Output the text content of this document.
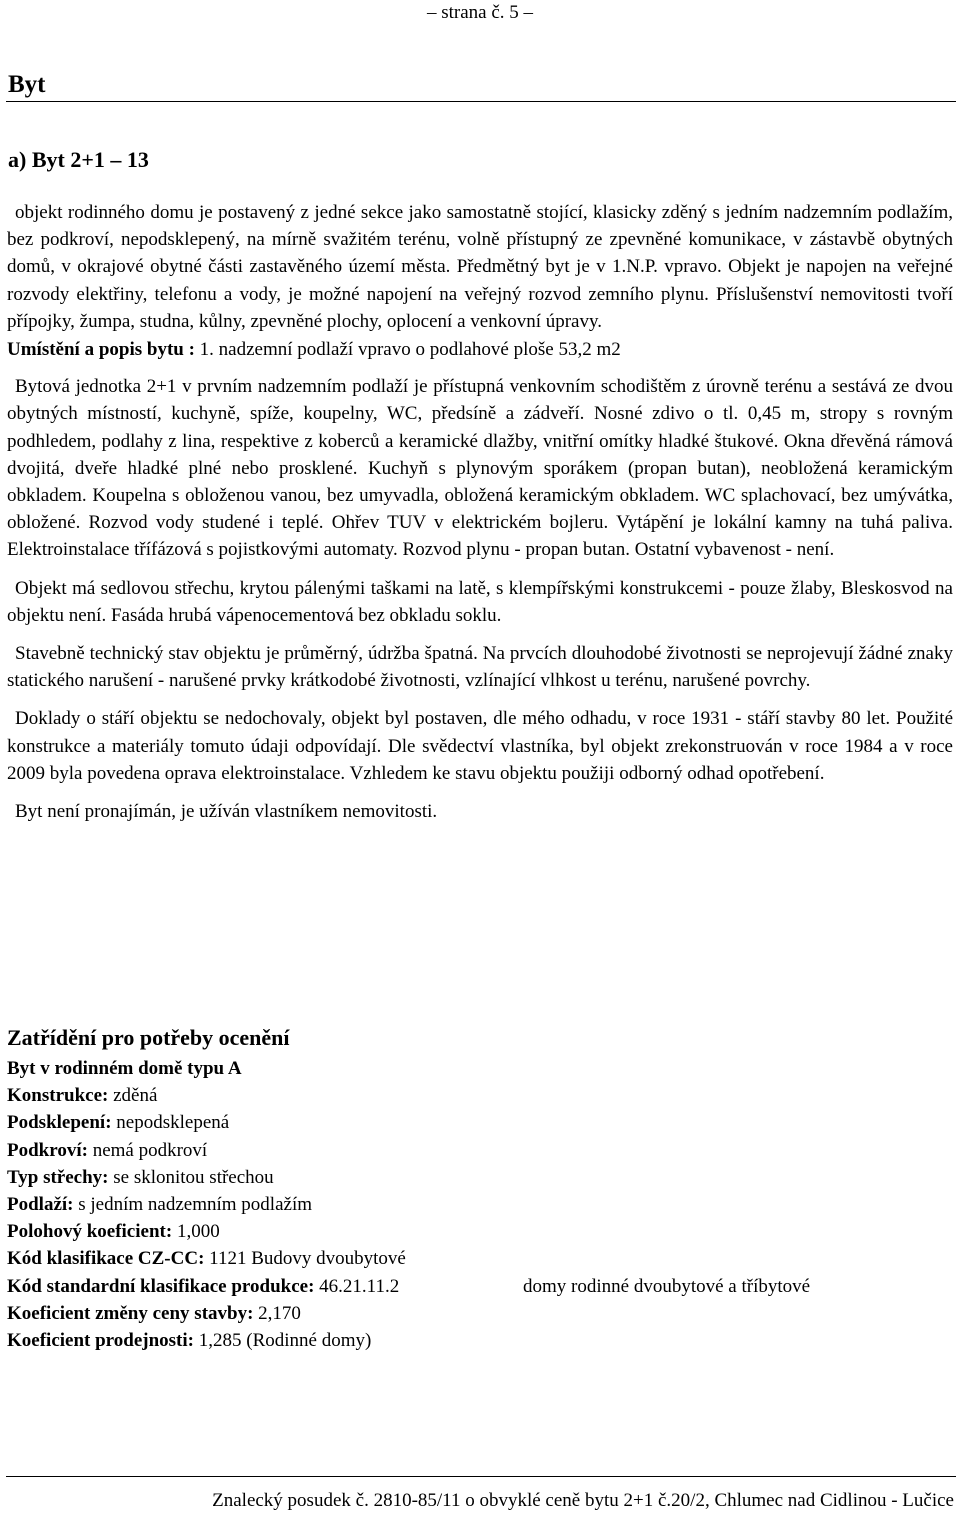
– strana č. 5 –
Byt
a) Byt 2+1 – 13

objekt rodinného domu je postavený z jedné sekce jako samostatně stojící, klasicky zděný s jedním nadzemním podlažím, bez podkroví, nepodsklepený, na mírně svažitém terénu, volně přístupný ze zpevněné komunikace, v zástavbě obytných domů, v okrajové obytné části zastavěného území města. Předmětný byt je v 1.N.P. vpravo. Objekt je napojen na veřejné rozvody elektřiny, telefonu a vody, je možné napojení na veřejný rozvod zemního plynu. Příslušenství nemovitosti tvoří přípojky, žumpa, studna, kůlny, zpevněné plochy, oplocení a venkovní úpravy.

Umístění a popis bytu : 1. nadzemní podlaží vpravo o podlahové ploše 53,2 m2

Bytová jednotka 2+1 v prvním nadzemním podlaží je přístupná venkovním schodištěm z úrovně terénu a sestává ze dvou obytných místností, kuchyně, spíže, koupelny, WC, předsíně a zádveří. Nosné zdivo o tl. 0,45 m, stropy s rovným podhledem, podlahy z lina, respektive z koberců a keramické dlažby, vnitřní omítky hladké štukové. Okna dřevěná rámová dvojitá, dveře hladké plné nebo prosklené. Kuchyň s plynovým sporákem (propan butan), neobložená keramickým obkladem. Koupelna s obloženou vanou, bez umyvadla, obložená keramickým obkladem. WC splachovací, bez umývátka, obložené. Rozvod vody studené i teplé. Ohřev TUV v elektrickém bojleru. Vytápění je lokální kamny na tuhá paliva. Elektroinstalace třífázová s pojistkovými automaty. Rozvod plynu - propan butan. Ostatní vybavenost - není.

Objekt má sedlovou střechu, krytou pálenými taškami na latě, s klempířskými konstrukcemi - pouze žlaby, Bleskosvod na objektu není. Fasáda hrubá vápenocementová bez obkladu soklu.

Stavebně technický stav objektu je průměrný, údržba špatná. Na prvcích dlouhodobé životnosti se neprojevují žádné znaky statického narušení - narušené prvky krátkodobé životnosti, vzlínající vlhkost u terénu, narušené povrchy.

Doklady o stáří objektu se nedochovaly, objekt byl postaven, dle mého odhadu, v roce 1931 - stáří stavby 80 let. Použité konstrukce a materiály tomuto údaji odpovídají. Dle svědectví vlastníka, byl objekt zrekonstruován v roce 1984 a v roce 2009 byla povedena oprava elektroinstalace. Vzhledem ke stavu objektu použiji odborný odhad opotřebení.

Byt není pronajímán, je užíván vlastníkem nemovitosti.

Zatřídění pro potřeby ocenění
Byt v rodinném domě typu A
Konstrukce: zděná
Podsklepení: nepodsklepená
Podkroví: nemá podkroví
Typ střechy: se sklonitou střechou
Podlaží: s jedním nadzemním podlažím
Polohový koeficient: 1,000
Kód klasifikace CZ-CC: 1121 Budovy dvoubytové
Kód standardní klasifikace produkce: 46.21.11.2	domy rodinné dvoubytové a tříbytové
Koeficient změny ceny stavby: 2,170
Koeficient prodejnosti: 1,285 (Rodinné domy)
Znalecký posudek č. 2810-85/11 o obvyklé ceně bytu 2+1 č.20/2, Chlumec nad Cidlinou - Lučice
